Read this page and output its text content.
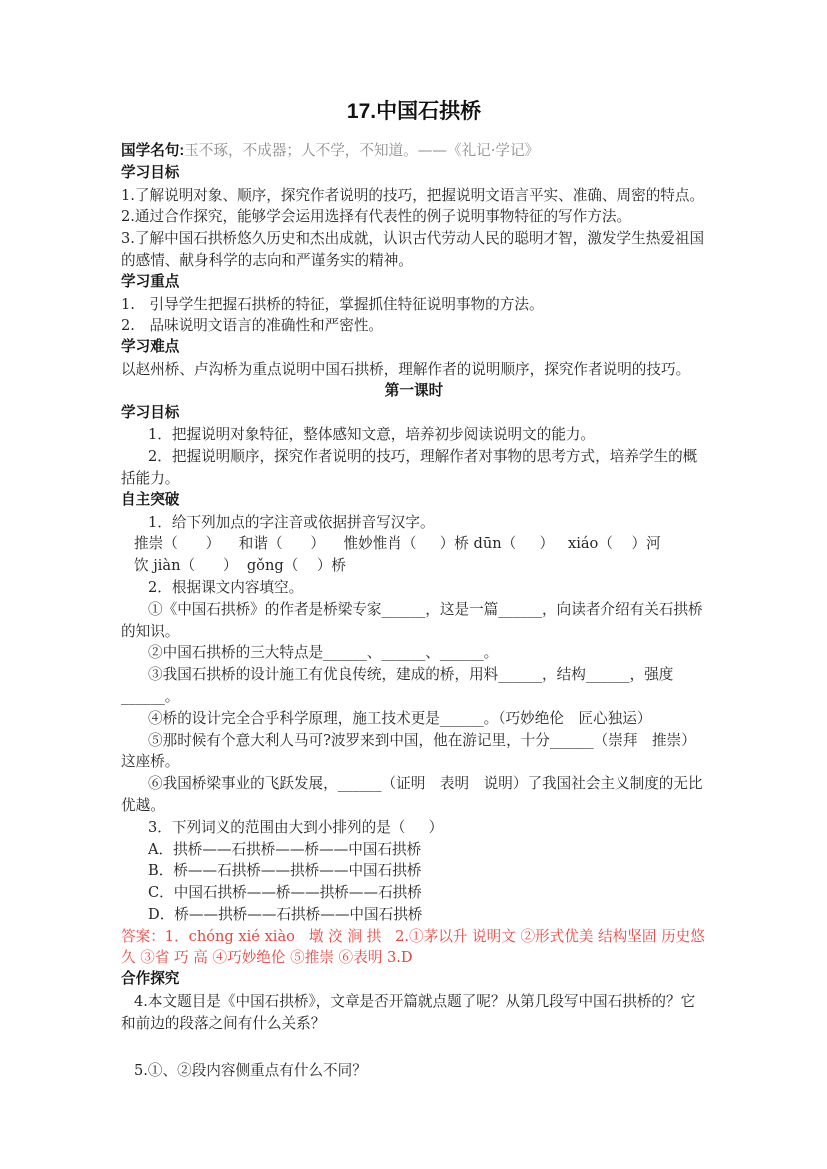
17.中国石拱桥
国学名句:玉不琢，不成器；人不学，不知道。——《礼记·学记》
学习目标
1.了解说明对象、顺序，探究作者说明的技巧，把握说明文语言平实、准确、周密的特点。
2.通过合作探究，能够学会运用选择有代表性的例子说明事物特征的写作方法。
3.了解中国石拱桥悠久历史和杰出成就，认识古代劳动人民的聪明才智，激发学生热爱祖国的感情、献身科学的志向和严谨务实的精神。
学习重点
1.　引导学生把握石拱桥的特征，掌握抓住特征说明事物的方法。
2.　品味说明文语言的准确性和严密性。
学习难点
以赵州桥、卢沟桥为重点说明中国石拱桥，理解作者的说明顺序，探究作者说明的技巧。
第一课时
学习目标
1．把握说明对象特征，整体感知文意，培养初步阅读说明文的能力。
2．把握说明顺序，探究作者说明的技巧，理解作者对事物的思考方式，培养学生的概括能力。
自主突破
1．给下列加点的字注音或依据拼音写汉字。
推崇（      ）    和谐（      ）    惟妙惟肖（     ）桥 dūn（     ）   xiáo（    ）河
饮 jiàn（      ）  gǒng（    ）桥
2．根据课文内容填空。
①《中国石拱桥》的作者是桥梁专家______，这是一篇______，向读者介绍有关石拱桥的知识。
②中国石拱桥的三大特点是______、______、______。
③我国石拱桥的设计施工有优良传统，建成的桥，用料______，结构______，强度______。
④桥的设计完全合乎科学原理，施工技术更是______。（巧妙绝伦　匠心独运）
⑤那时候有个意大利人马可?波罗来到中国，他在游记里，十分______（崇拜　推崇）这座桥。
⑥我国桥梁事业的飞跃发展，______（证明　表明　说明）了我国社会主义制度的无比优越。
3．下列词义的范围由大到小排列的是（     ）
A．拱桥——石拱桥——桥——中国石拱桥
B．桥——石拱桥——拱桥——中国石拱桥
C．中国石拱桥——桥——拱桥——石拱桥
D．桥——拱桥——石拱桥——中国石拱桥
答案：1．chóng xié xiào   墩 洨 涧 拱   2.①茅以升 说明文 ②形式优美 结构坚固 历史悠久 ③省 巧 高 ④巧妙绝伦 ⑤推崇 ⑥表明 3.D
合作探究
4.本文题目是《中国石拱桥》，文章是否开篇就点题了呢？从第几段写中国石拱桥的？它和前边的段落之间有什么关系？
5.①、②段内容侧重点有什么不同？
